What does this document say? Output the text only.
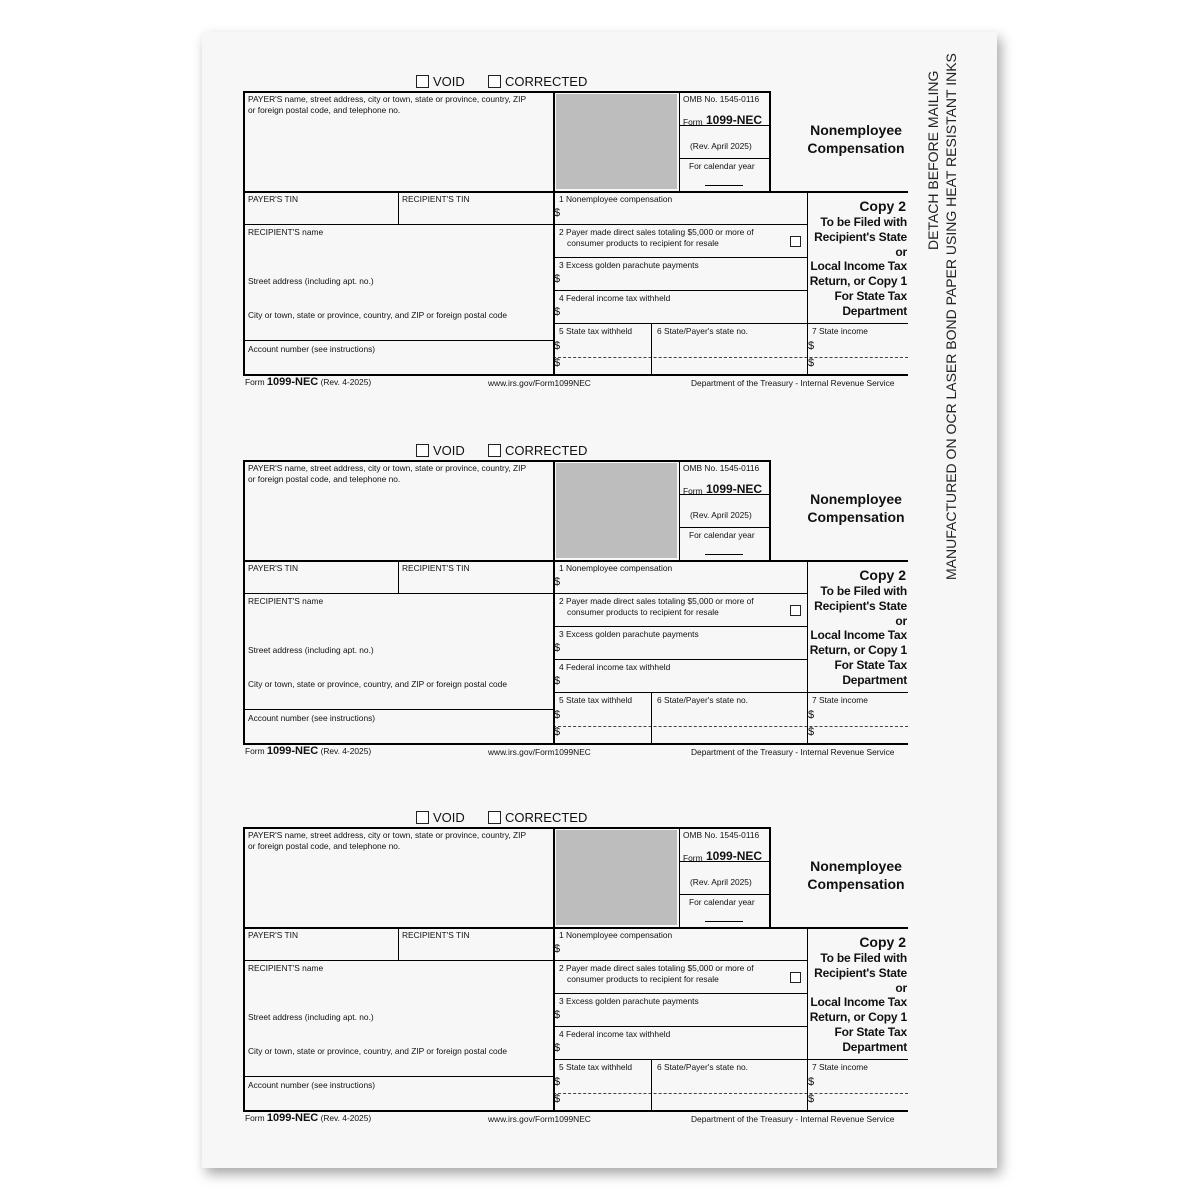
DETACH BEFORE MAILING MANUFACTURED ON OCR LASER BOND PAPER USING HEAT RESISTANT INKS
VOID	CORRECTED
PAYER'S name, street address, city or town, state or province, country, ZIP
or foreign postal code, and telephone no.
OMB No. 1545-0116
Form 1099-NEC
(Rev. April 2025)
For calendar year
Nonemployee
Compensation
PAYER'S TIN	RECIPIENT'S TIN	1 Nonemployee compensation
$
2 Payer made direct sales totaling $5,000 or more of
consumer products to recipient for resale
3 Excess golden parachute payments
$
4 Federal income tax withheld
$
RECIPIENT'S name
Street address (including apt. no.)
City or town, state or province, country, and ZIP or foreign postal code
Copy 2
To be Filed with
Recipient's State or
Local Income Tax
Return, or Copy 1
For State Tax
Department
Account number (see instructions)
5 State tax withheld	6 State/Payer's state no.	7 State income
$
$
$
$
Form 1099-NEC (Rev. 4-2025)	www.irs.gov/Form1099NEC	Department of the Treasury - Internal Revenue Service
VOID	CORRECTED
PAYER'S name, street address, city or town, state or province, country, ZIP
or foreign postal code, and telephone no.
OMB No. 1545-0116
Form 1099-NEC
(Rev. April 2025)
For calendar year
Nonemployee
Compensation
PAYER'S TIN	RECIPIENT'S TIN	1 Nonemployee compensation
$
2 Payer made direct sales totaling $5,000 or more of
consumer products to recipient for resale
3 Excess golden parachute payments
$
4 Federal income tax withheld
$
RECIPIENT'S name
Street address (including apt. no.)
City or town, state or province, country, and ZIP or foreign postal code
Copy 2
To be Filed with
Recipient's State or
Local Income Tax
Return, or Copy 1
For State Tax
Department
Account number (see instructions)
5 State tax withheld	6 State/Payer's state no.	7 State income
$
$
$
$
Form 1099-NEC (Rev. 4-2025)	www.irs.gov/Form1099NEC	Department of the Treasury - Internal Revenue Service
VOID	CORRECTED
PAYER'S name, street address, city or town, state or province, country, ZIP
or foreign postal code, and telephone no.
OMB No. 1545-0116
Form 1099-NEC
(Rev. April 2025)
For calendar year
Nonemployee
Compensation
PAYER'S TIN	RECIPIENT'S TIN	1 Nonemployee compensation
$
2 Payer made direct sales totaling $5,000 or more of
consumer products to recipient for resale
3 Excess golden parachute payments
$
4 Federal income tax withheld
$
RECIPIENT'S name
Street address (including apt. no.)
City or town, state or province, country, and ZIP or foreign postal code
Copy 2
To be Filed with
Recipient's State or
Local Income Tax
Return, or Copy 1
For State Tax
Department
Account number (see instructions)
5 State tax withheld	6 State/Payer's state no.	7 State income
$
$
$
$
Form 1099-NEC (Rev. 4-2025)	www.irs.gov/Form1099NEC	Department of the Treasury - Internal Revenue Service
